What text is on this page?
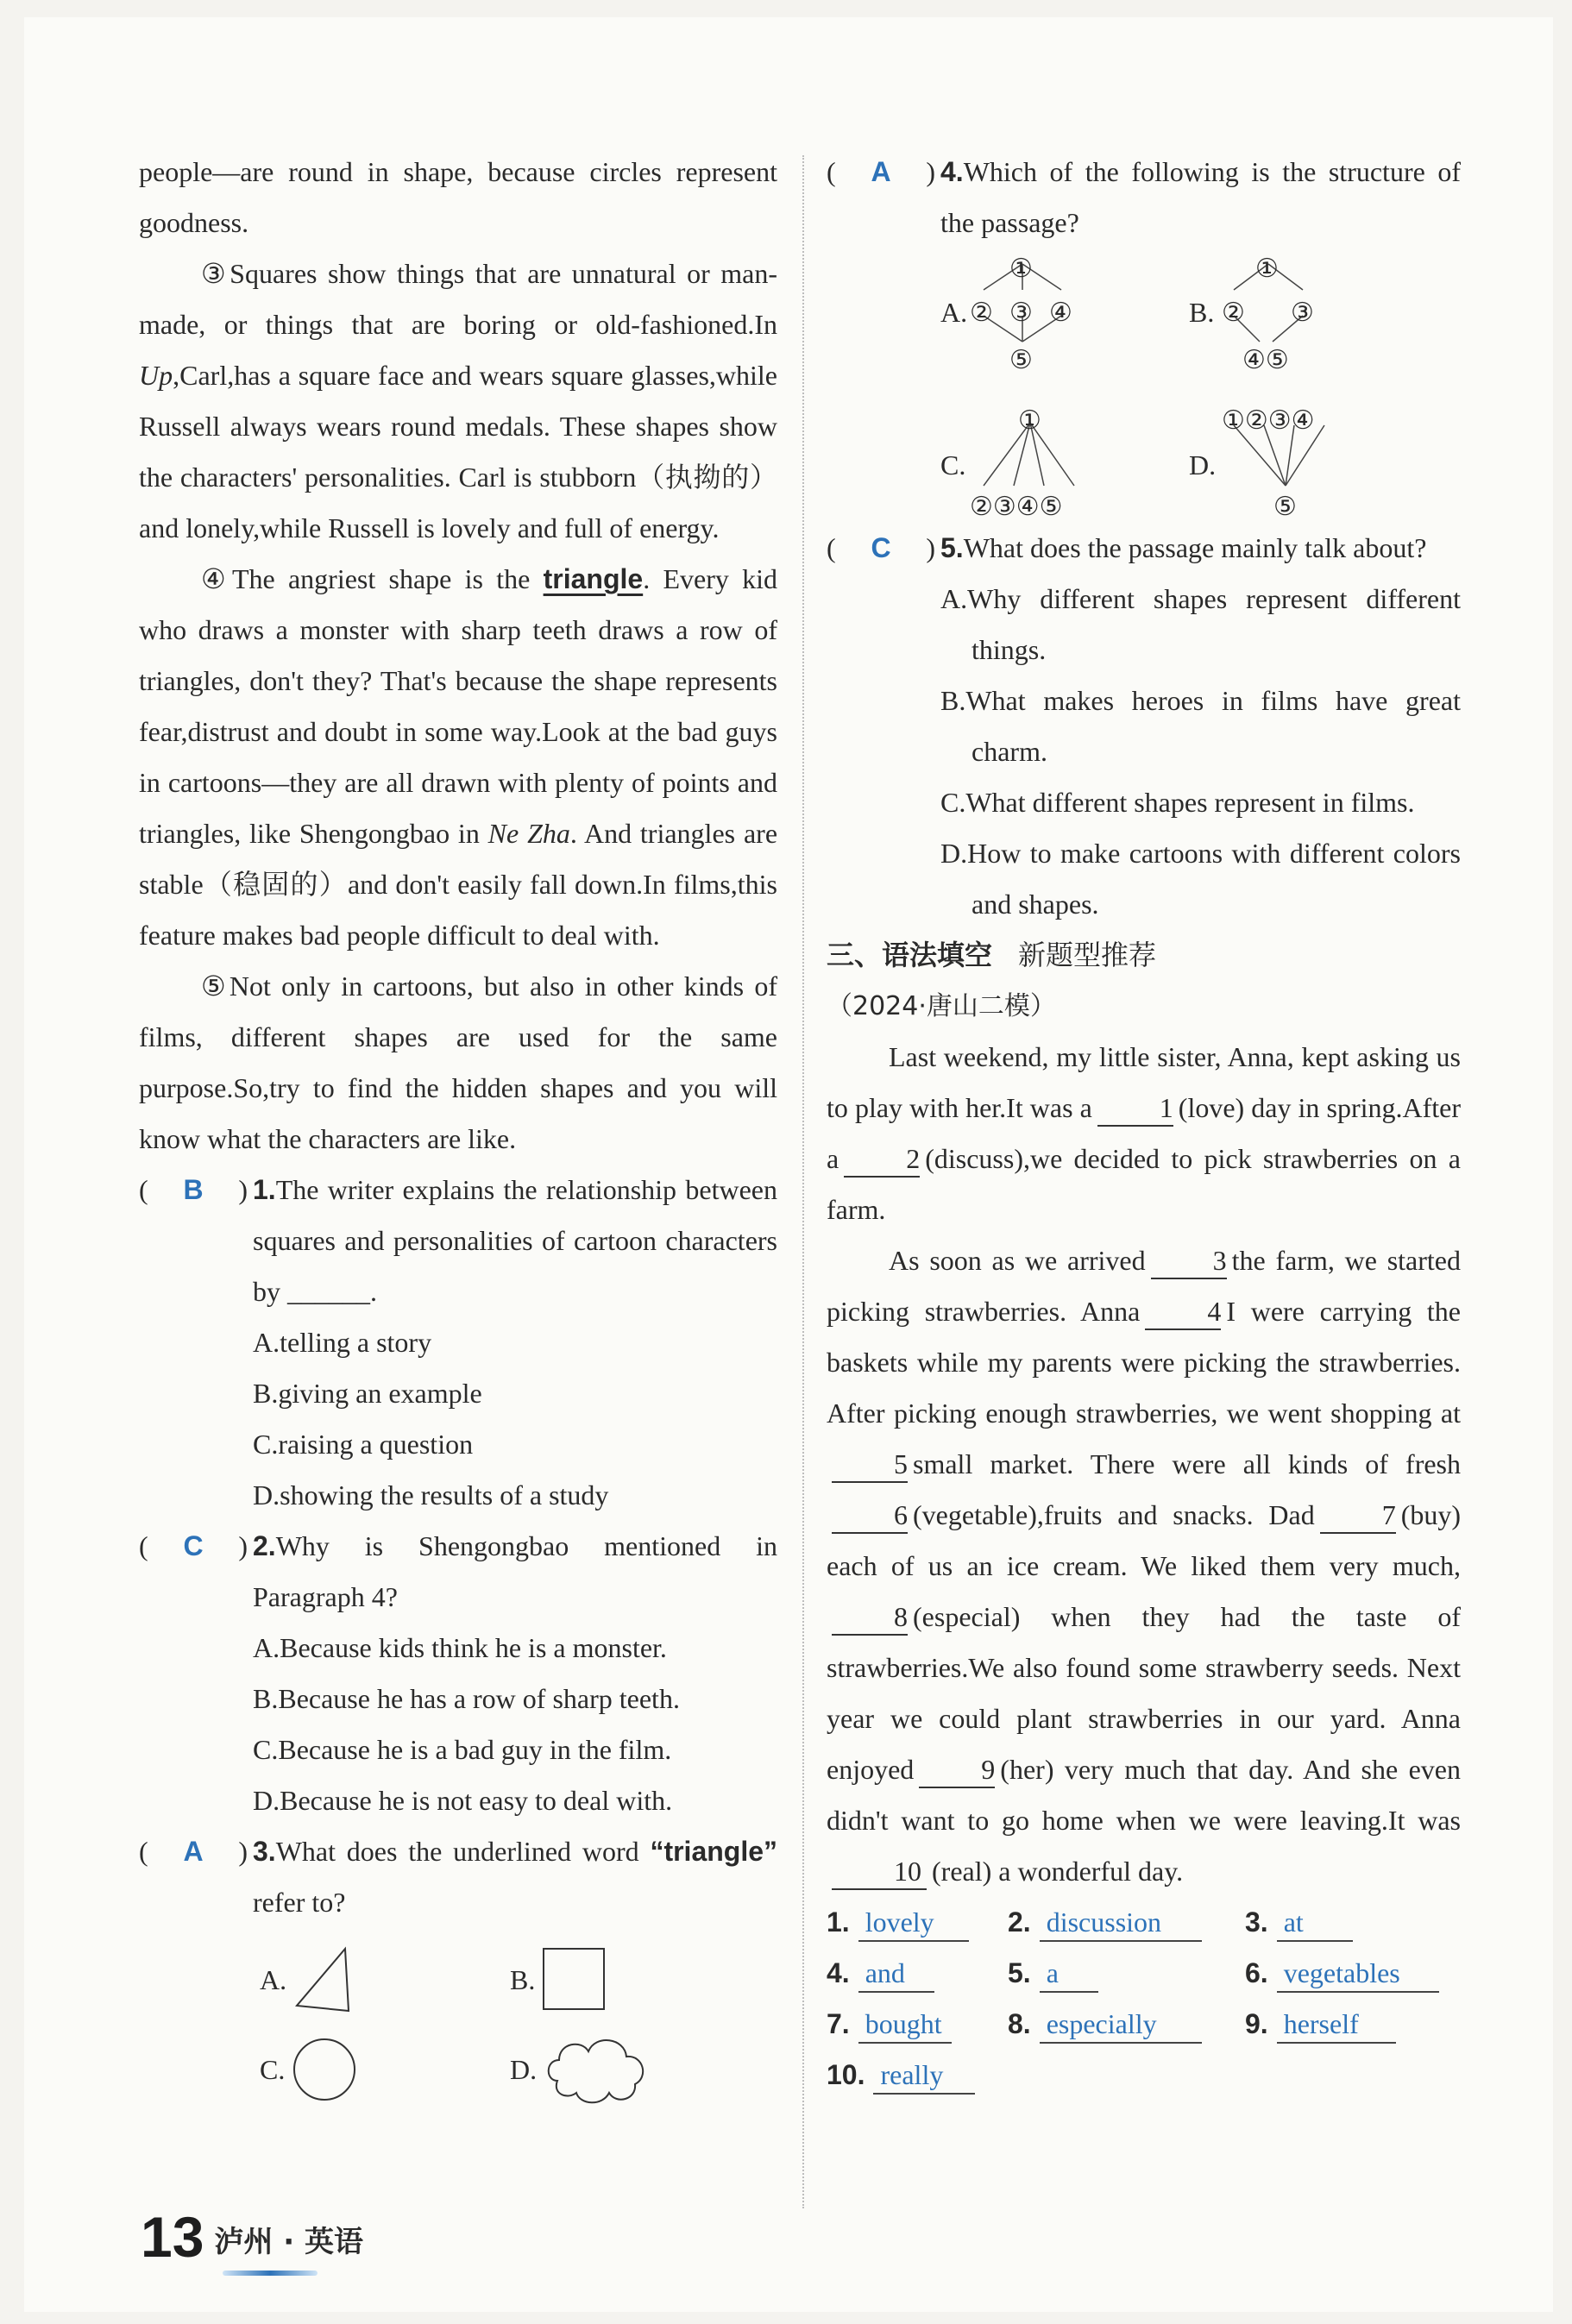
people—are round in shape, because circles represent goodness.

③Squares show things that are unnatural or man-made, or things that are boring or old-fashioned.In Up,Carl,has a square face and wears square glasses,while Russell always wears round medals. These shapes show the characters' personalities. Carl is stubborn（执拗的）and lonely,while Russell is lovely and full of energy.

④The angriest shape is the triangle. Every kid who draws a monster with sharp teeth draws a row of triangles, don't they? That's because the shape represents fear,distrust and doubt in some way.Look at the bad guys in cartoons—they are all drawn with plenty of points and triangles, like Shengongbao in Ne Zha. And triangles are stable（稳固的）and don't easily fall down.In films,this feature makes bad people difficult to deal with.

⑤Not only in cartoons, but also in other kinds of films, different shapes are used for the same purpose.So,try to find the hidden shapes and you will know what the characters are like.

( B ) 1.The writer explains the relationship between squares and personalities of cartoon characters by ______.
A.telling a story
B.giving an example
C.raising a question
D.showing the results of a study
( C ) 2.Why is Shengongbao mentioned in Paragraph 4?
A.Because kids think he is a monster.
B.Because he has a row of sharp teeth.
C.Because he is a bad guy in the film.
D.Because he is not easy to deal with.
( A ) 3.What does the underlined word “triangle” refer to?
A.	B.
C.	D.
( A ) 4.Which of the following is the structure of the passage?
A.
①
② ③ ④
⑤
B.
①
② ③
④⑤
C.
①
②③④⑤
D.
①②③④
⑤
( C ) 5.What does the passage mainly talk about?
A.Why different shapes represent different things.
B.What makes heroes in films have great charm.
C.What different shapes represent in films.
D.How to make cartoons with different colors and shapes.
三、语法填空 新题型推荐
（2024·唐山二模）

Last weekend, my little sister, Anna, kept asking us to play with her.It was a 1 (love) day in spring.After a 2 (discuss),we decided to pick strawberries on a farm.

As soon as we arrived 3 the farm, we started picking strawberries. Anna 4 I were carrying the baskets while my parents were picking the strawberries. After picking enough strawberries, we went shopping at5 small market. There were all kinds of fresh6 (vegetable),fruits and snacks. Dad 7 (buy) each of us an ice cream. We liked them very much,8 (especial) when they had the taste of strawberries.We also found some strawberry seeds. Next year we could plant strawberries in our yard. Anna enjoyed 9 (her) very much that day. And she even didn't want to go home when we were leaving.It was10 (real) a wonderful day.

1. lovely	2. discussion	3. at
4. and	5. a	6. vegetables
7. bought	8. especially	9. herself
10. really
13 泸州 · 英语
